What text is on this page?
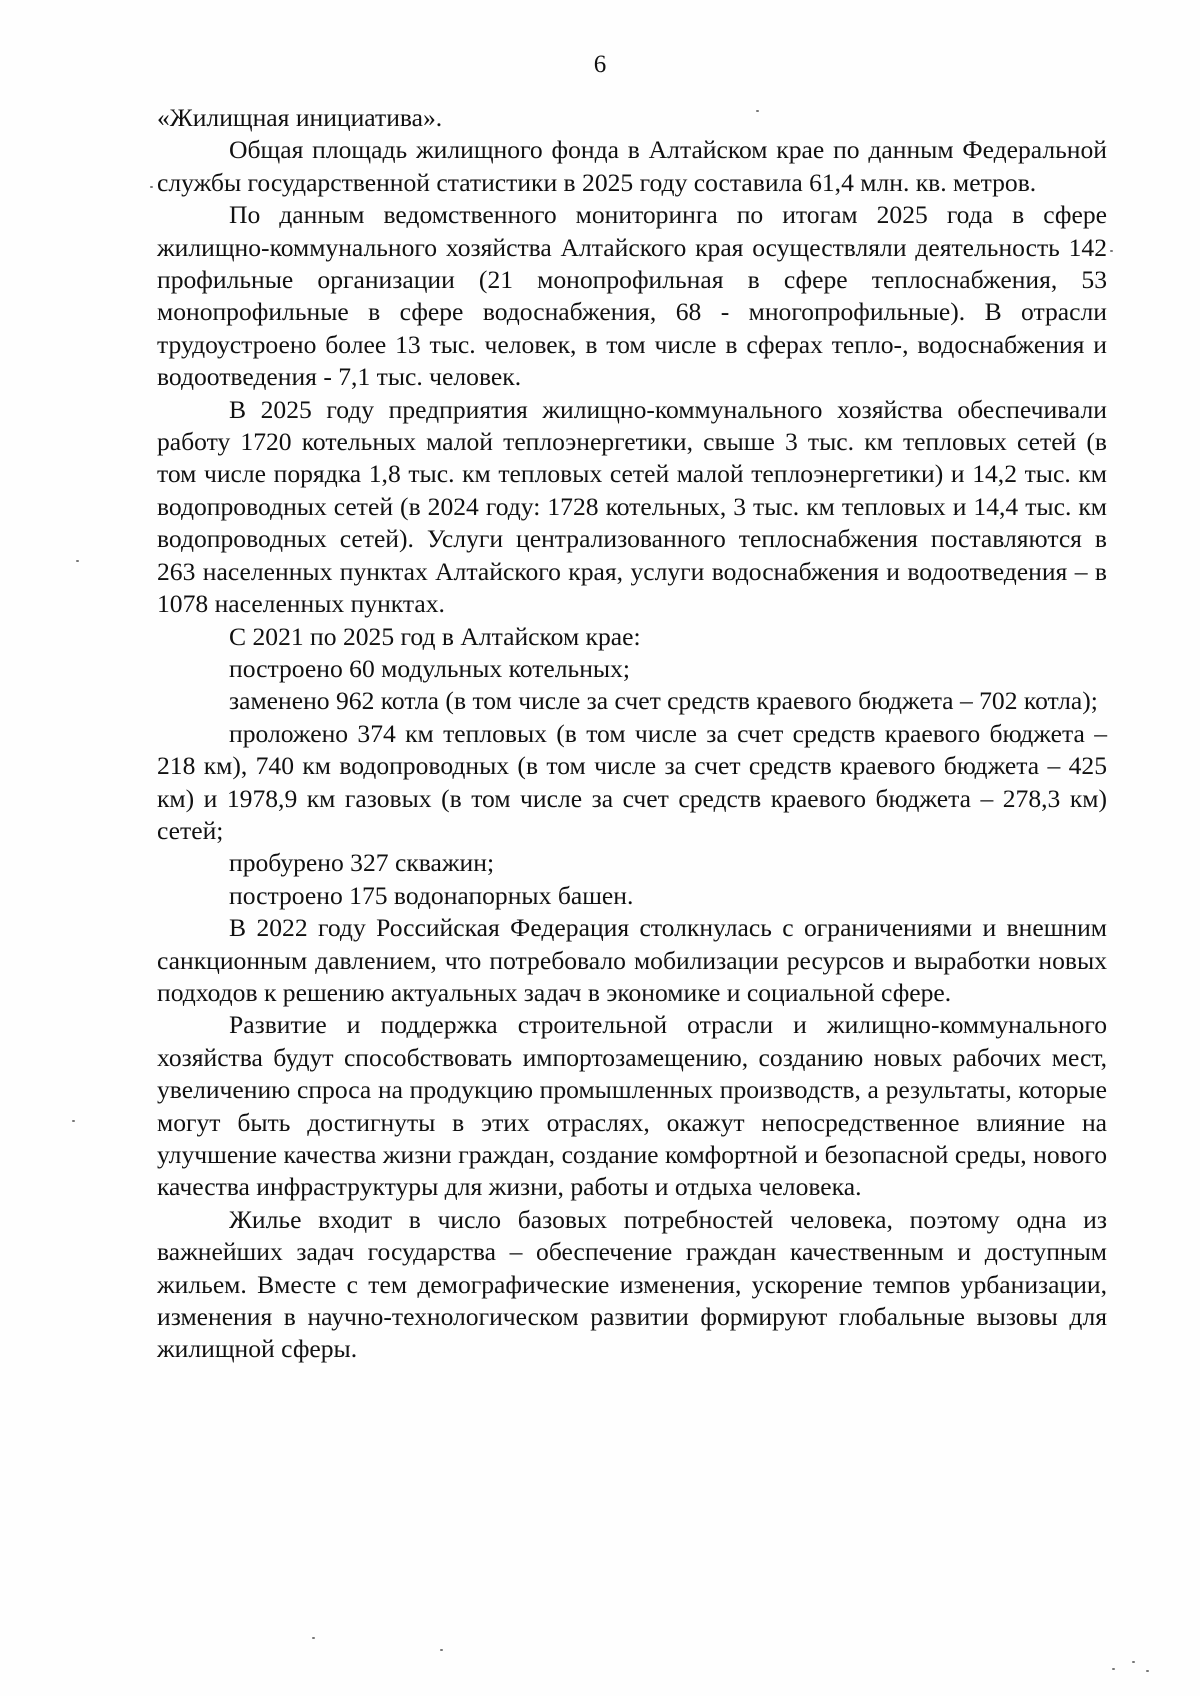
6

«Жилищная инициатива».

Общая площадь жилищного фонда в Алтайском крае по данным Федеральной службы государственной статистики в 2025 году составила 61,4 млн. кв. метров.

По данным ведомственного мониторинга по итогам 2025 года в сфере жилищно-коммунального хозяйства Алтайского края осуществляли деятельность 142 профильные организации (21 монопрофильная в сфере теплоснабжения, 53 монопрофильные в сфере водоснабжения, 68 - многопрофильные). В отрасли трудоустроено более 13 тыс. человек, в том числе в сферах тепло-, водоснабжения и водоотведения - 7,1 тыс. человек.

В 2025 году предприятия жилищно-коммунального хозяйства обеспечивали работу 1720 котельных малой теплоэнергетики, свыше 3 тыс. км тепловых сетей (в том числе порядка 1,8 тыс. км тепловых сетей малой теплоэнергетики) и 14,2 тыс. км водопроводных сетей (в 2024 году: 1728 котельных, 3 тыс. км тепловых и 14,4 тыс. км водопроводных сетей). Услуги централизованного теплоснабжения поставляются в 263 населенных пунктах Алтайского края, услуги водоснабжения и водоотведения – в 1078 населенных пунктах.

С 2021 по 2025 год в Алтайском крае:

построено 60 модульных котельных;

заменено 962 котла (в том числе за счет средств краевого бюджета – 702 котла);

проложено 374 км тепловых (в том числе за счет средств краевого бюджета – 218 км), 740 км водопроводных (в том числе за счет средств краевого бюджета – 425 км) и 1978,9 км газовых (в том числе за счет средств краевого бюджета – 278,3 км) сетей;

пробурено 327 скважин;

построено 175 водонапорных башен.

В 2022 году Российская Федерация столкнулась с ограничениями и внешним санкционным давлением, что потребовало мобилизации ресурсов и выработки новых подходов к решению актуальных задач в экономике и социальной сфере.

Развитие и поддержка строительной отрасли и жилищно-коммунального хозяйства будут способствовать импортозамещению, созданию новых рабочих мест, увеличению спроса на продукцию промышленных производств, а результаты, которые могут быть достигнуты в этих отраслях, окажут непосредственное влияние на улучшение качества жизни граждан, создание комфортной и безопасной среды, нового качества инфраструктуры для жизни, работы и отдыха человека.

Жилье входит в число базовых потребностей человека, поэтому одна из важнейших задач государства – обеспечение граждан качественным и доступным жильем. Вместе с тем демографические изменения, ускорение темпов урбанизации, изменения в научно-технологическом развитии формируют глобальные вызовы для жилищной сферы.
